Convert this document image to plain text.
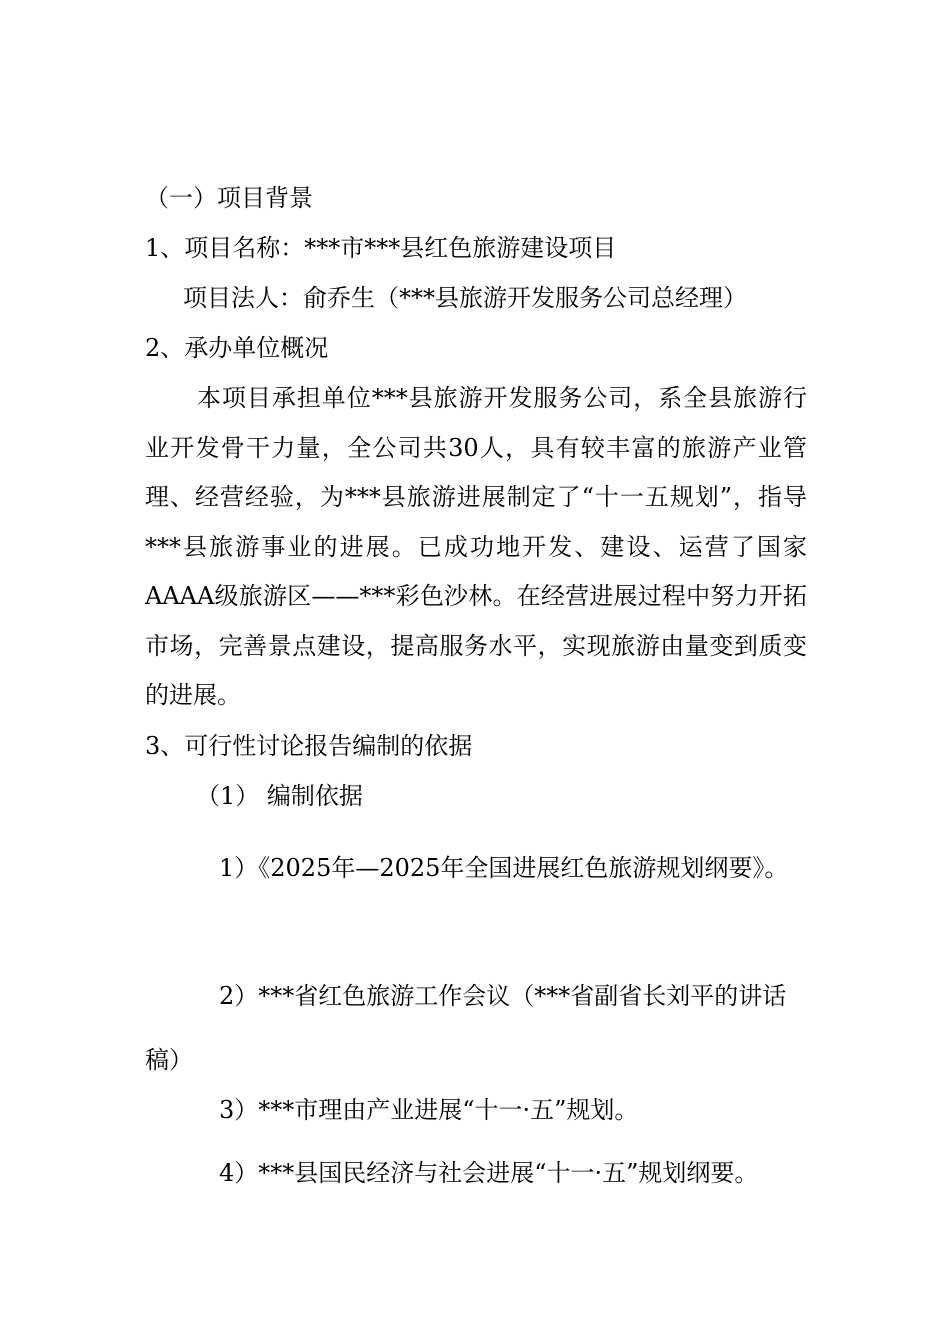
（一）项目背景
1、项目名称：***市***县红色旅游建设项目
项目法人：俞乔生（***县旅游开发服务公司总经理）
2、承办单位概况

本项目承担单位***县旅游开发服务公司，系全县旅游行业开发骨干力量，全公司共30人，具有较丰富的旅游产业管理、经营经验，为***县旅游进展制定了“十一五规划”，指导***县旅游事业的进展。已成功地开发、建设、运营了国家AAAA级旅游区——***彩色沙林。在经营进展过程中努力开拓市场，完善景点建设，提高服务水平，实现旅游由量变到质变的进展。

3、可行性讨论报告编制的依据
（1） 编制依据

1）《2025年—2025年全国进展红色旅游规划纲要》。

2）***省红色旅游工作会议（***省副省长刘平的讲话稿）

3）***市理由产业进展“十一·五”规划。
4）***县国民经济与社会进展“十一·五”规划纲要。
